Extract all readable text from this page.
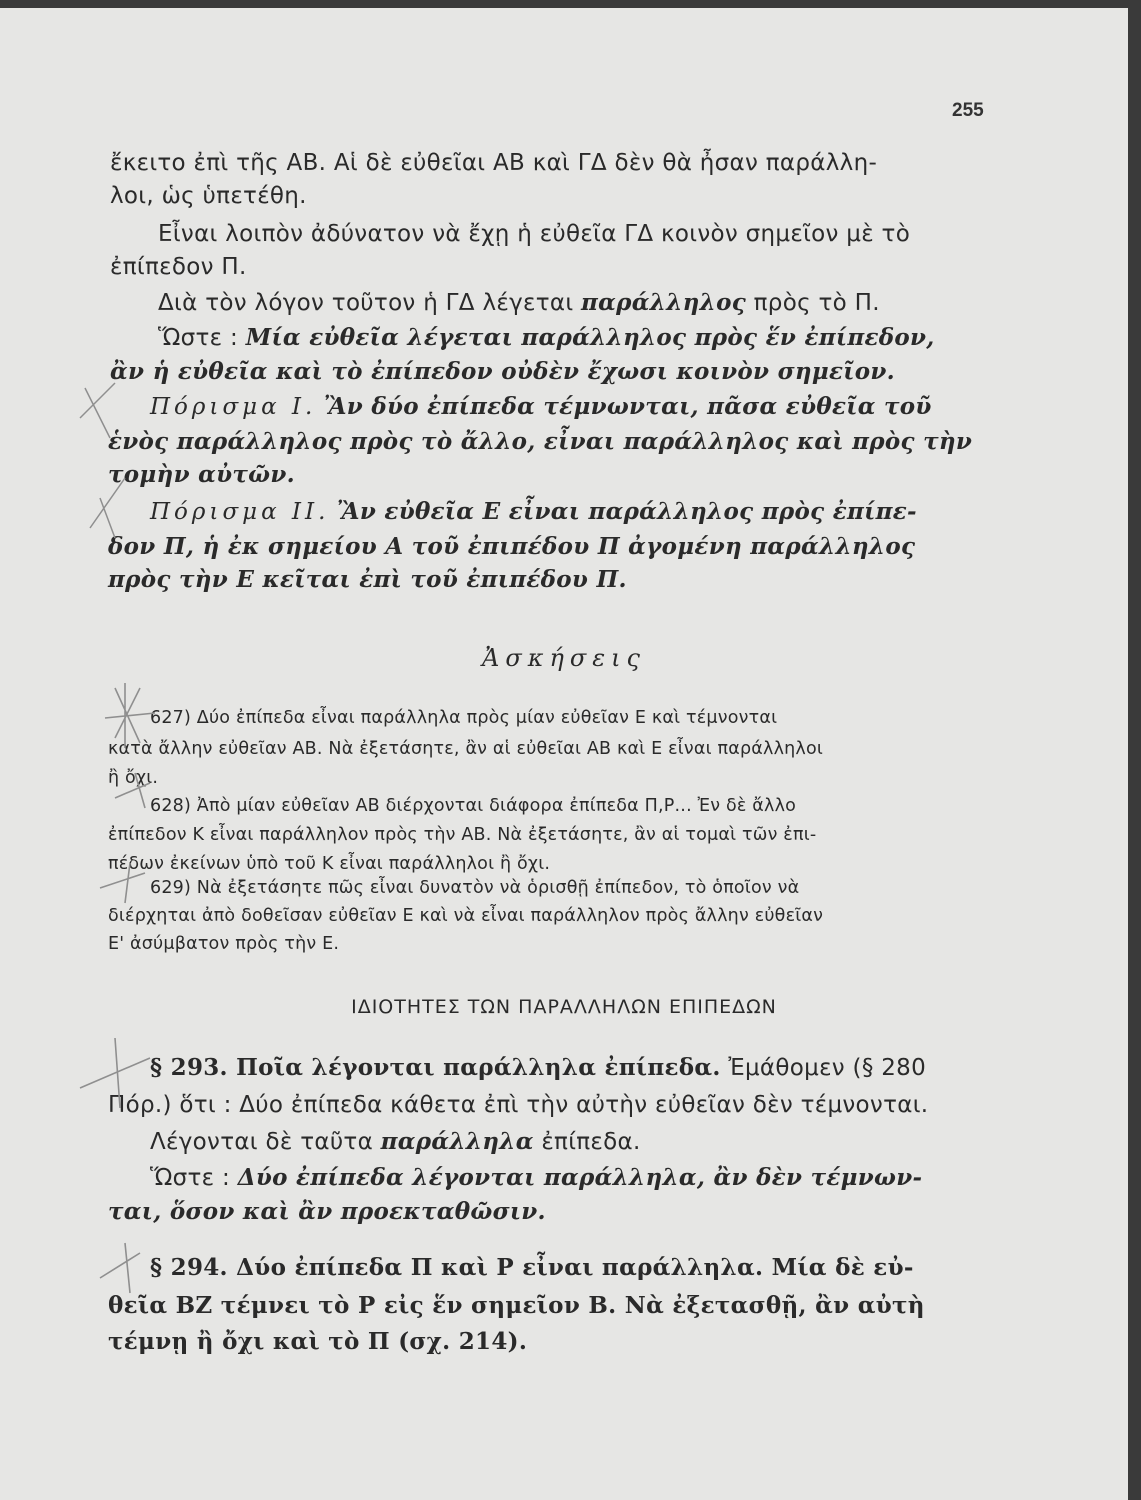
255
ἔκειτο ἐπὶ τῆς ΑΒ. Αἱ δὲ εὐθεῖαι ΑΒ καὶ ΓΔ δὲν θὰ ἦσαν παράλλη-
λοι, ὡς ὑπετέθη.
Εἶναι λοιπὸν ἀδύνατον νὰ ἔχῃ ἡ εὐθεῖα ΓΔ κοινὸν σημεῖον μὲ τὸ
ἐπίπεδον Π.
Διὰ τὸν λόγον τοῦτον ἡ ΓΔ λέγεται παράλληλος πρὸς τὸ Π.
Ὥστε : Μία εὐθεῖα λέγεται παράλληλος πρὸς ἕν ἐπίπεδον,
ἂν ἡ εὐθεῖα καὶ τὸ ἐπίπεδον οὐδὲν ἔχωσι κοινὸν σημεῖον.
Πόρισμα Ι. Ἂν δύο ἐπίπεδα τέμνωνται, πᾶσα εὐθεῖα τοῦ
ἑνὸς παράλληλος πρὸς τὸ ἄλλο, εἶναι παράλληλος καὶ πρὸς τὴν
τομὴν αὐτῶν.
Πόρισμα ΙΙ. Ἂν εὐθεῖα Ε εἶναι παράλληλος πρὸς ἐπίπε-
δον Π, ἡ ἐκ σημείου Α τοῦ ἐπιπέδου Π ἀγομένη παράλληλος
πρὸς τὴν Ε κεῖται ἐπὶ τοῦ ἐπιπέδου Π.
Ἀσκήσεις
627) Δύο ἐπίπεδα εἶναι παράλληλα πρὸς μίαν εὐθεῖαν Ε καὶ τέμνονται
κατὰ ἄλλην εὐθεῖαν ΑΒ. Νὰ ἐξετάσητε, ἂν αἱ εὐθεῖαι ΑΒ καὶ Ε εἶναι παράλληλοι
ἢ ὄχι.
628) Ἀπὸ μίαν εὐθεῖαν ΑΒ διέρχονται διάφορα ἐπίπεδα Π,Ρ... Ἐν δὲ ἄλλο
ἐπίπεδον Κ εἶναι παράλληλον πρὸς τὴν ΑΒ. Νὰ ἐξετάσητε, ἂν αἱ τομαὶ τῶν ἐπι-
πέδων ἐκείνων ὑπὸ τοῦ Κ εἶναι παράλληλοι ἢ ὄχι.
629) Νὰ ἐξετάσητε πῶς εἶναι δυνατὸν νὰ ὁρισθῇ ἐπίπεδον, τὸ ὁποῖον νὰ
διέρχηται ἀπὸ δοθεῖσαν εὐθεῖαν Ε καὶ νὰ εἶναι παράλληλον πρὸς ἄλλην εὐθεῖαν
Ε' ἀσύμβατον πρὸς τὴν Ε.
ΙΔΙΟΤΗΤΕΣ ΤΩΝ ΠΑΡΑΛΛΗΛΩΝ ΕΠΙΠΕΔΩΝ
§ 293. Ποῖα λέγονται παράλληλα ἐπίπεδα. Ἐμάθομεν (§ 280
Πόρ.) ὅτι : Δύο ἐπίπεδα κάθετα ἐπὶ τὴν αὐτὴν εὐθεῖαν δὲν τέμνονται.
Λέγονται δὲ ταῦτα παράλληλα ἐπίπεδα.
Ὥστε : Δύο ἐπίπεδα λέγονται παράλληλα, ἂν δὲν τέμνων-
ται, ὅσον καὶ ἂν προεκταθῶσιν.
§ 294. Δύο ἐπίπεδα Π καὶ Ρ εἶναι παράλληλα. Μία δὲ εὐ-
θεῖα ΒΖ τέμνει τὸ Ρ εἰς ἕν σημεῖον Β. Νὰ ἐξετασθῇ, ἂν αὐτὴ
τέμνῃ ἢ ὄχι καὶ τὸ Π (σχ. 214).
